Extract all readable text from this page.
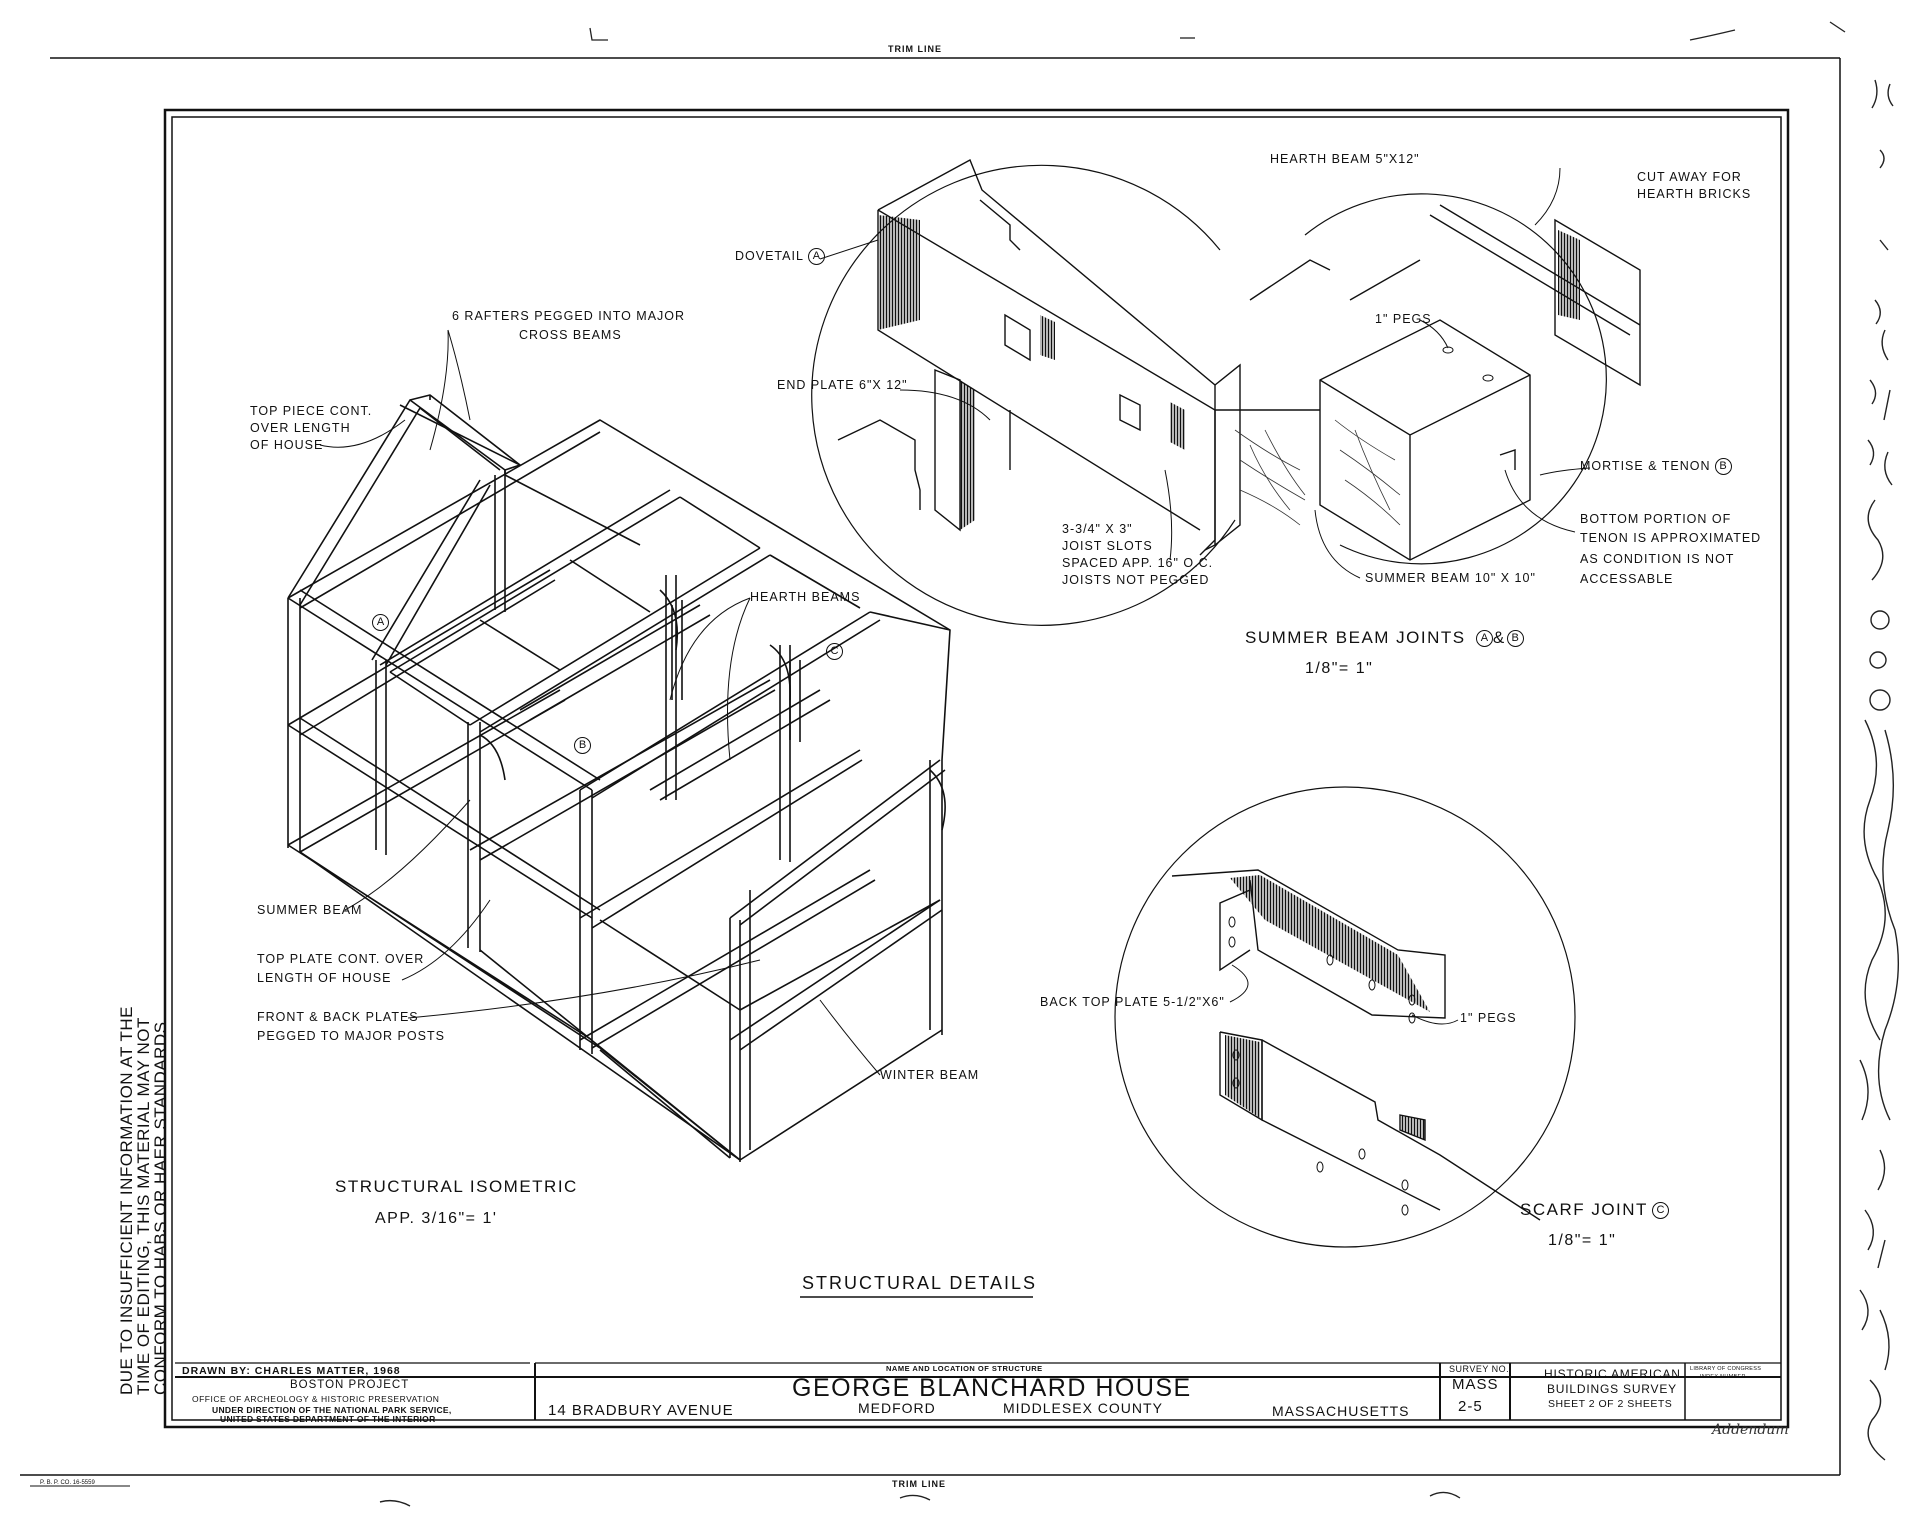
TRIM LINE
TRIM LINE
P. B. P. CO. 16-5559
Addendum
DUE TO INSUFFICIENT INFORMATION AT THE
TIME OF EDITING, THIS MATERIAL MAY NOT
CONFORM TO HABS OR HAER STANDARDS.
6 RAFTERS PEGGED INTO MAJOR
CROSS BEAMS
TOP PIECE CONT.
OVER LENGTH
OF HOUSE
HEARTH BEAMS
SUMMER BEAM
TOP PLATE CONT. OVER
LENGTH OF HOUSE
FRONT & BACK PLATES
PEGGED TO MAJOR POSTS
WINTER BEAM
A
B
C
STRUCTURAL ISOMETRIC
APP. 3/16"= 1'
HEARTH BEAM 5"X12"
CUT AWAY FOR
HEARTH BRICKS
DOVETAIL A
1" PEGS
END PLATE 6"X 12"
MORTISE & TENON B
3-3/4" X 3"
JOIST SLOTS
SPACED APP. 16" O.C.
JOISTS NOT PEGGED
BOTTOM PORTION OF
TENON IS APPROXIMATED
AS CONDITION IS NOT
ACCESSABLE
SUMMER BEAM 10" X 10"
SUMMER BEAM JOINTS A & B
1/8"= 1"
BACK TOP PLATE 5-1/2"X6"
1" PEGS
SCARF JOINT C
1/8"= 1"
STRUCTURAL DETAILS
DRAWN BY: CHARLES MATTER, 1968
BOSTON PROJECT
OFFICE OF ARCHEOLOGY & HISTORIC PRESERVATION
UNDER DIRECTION OF THE NATIONAL PARK SERVICE,
UNITED STATES DEPARTMENT OF THE INTERIOR
NAME AND LOCATION OF STRUCTURE
GEORGE BLANCHARD HOUSE
14 BRADBURY AVENUE	MEDFORD	MIDDLESEX COUNTY	MASSACHUSETTS
SURVEY NO.
MASS
2-5
HISTORIC AMERICAN
BUILDINGS SURVEY
SHEET 2 OF 2 SHEETS
LIBRARY OF CONGRESS
INDEX NUMBER
